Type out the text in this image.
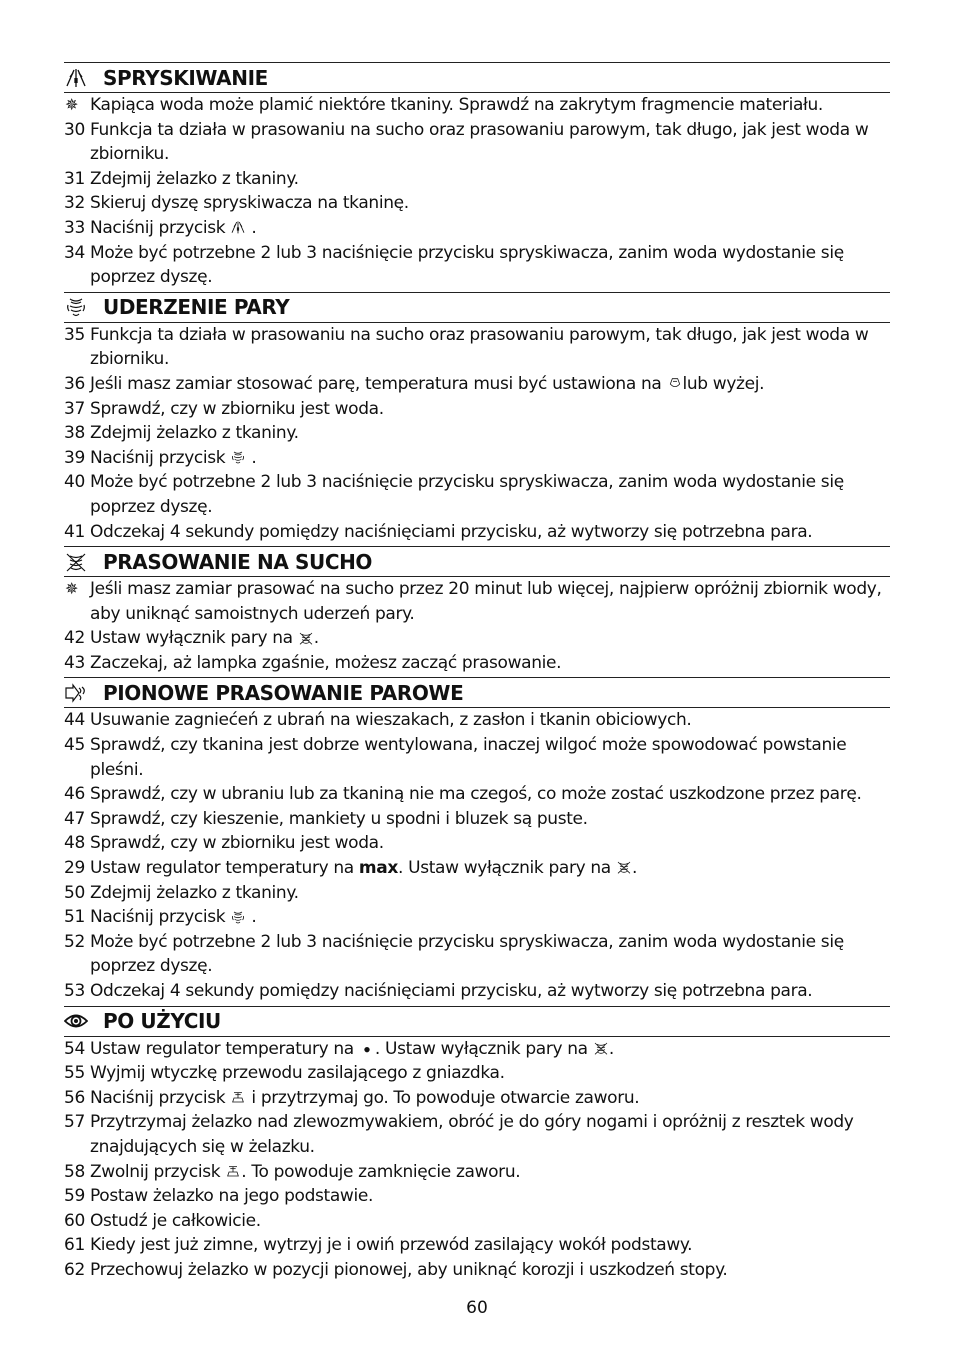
SPRYSKIWANIE
✵ Kapiąca woda może plamić niektóre tkaniny. Sprawdź na zakrytym fragmencie materiału.
30 Funkcja ta działa w prasowaniu na sucho oraz prasowaniu parowym, tak długo, jak jest woda w zbiorniku.
31 Zdejmij żelazko z tkaniny.
32 Skieruj dyszę spryskiwacza na tkaninę.
33 Naciśnij przycisk  .
34 Może być potrzebne 2 lub 3 naciśnięcie przycisku spryskiwacza, zanim woda wydostanie się poprzez dyszę.
UDERZENIE PARY
35 Funkcja ta działa w prasowaniu na sucho oraz prasowaniu parowym, tak długo, jak jest woda w zbiorniku.
36 Jeśli masz zamiar stosować parę, temperatura musi być ustawiona na lub wyżej.
37 Sprawdź, czy w zbiorniku jest woda.
38 Zdejmij żelazko z tkaniny.
39 Naciśnij przycisk  .
40 Może być potrzebne 2 lub 3 naciśnięcie przycisku spryskiwacza, zanim woda wydostanie się poprzez dyszę.
41 Odczekaj 4 sekundy pomiędzy naciśnięciami przycisku, aż wytworzy się potrzebna para.
PRASOWANIE NA SUCHO
✵ Jeśli masz zamiar prasować na sucho przez 20 minut lub więcej, najpierw opróżnij zbiornik wody, aby uniknąć samoistnych uderzeń pary.
42 Ustaw wyłącznik pary na .
43 Zaczekaj, aż lampka zgaśnie, możesz zacząć prasowanie.
PIONOWE PRASOWANIE PAROWE
44 Usuwanie zagniećeń z ubrań na wieszakach, z zasłon i tkanin obiciowych.
45 Sprawdź, czy tkanina jest dobrze wentylowana, inaczej wilgoć może spowodować powstanie pleśni.
46 Sprawdź, czy w ubraniu lub za tkaniną nie ma czegoś, co może zostać uszkodzone przez parę.
47 Sprawdź, czy kieszenie, mankiety u spodni i bluzek są puste.
48 Sprawdź, czy w zbiorniku jest woda.
29 Ustaw regulator temperatury na max. Ustaw wyłącznik pary na .
50 Zdejmij żelazko z tkaniny.
51 Naciśnij przycisk  .
52 Może być potrzebne 2 lub 3 naciśnięcie przycisku spryskiwacza, zanim woda wydostanie się poprzez dyszę.
53 Odczekaj 4 sekundy pomiędzy naciśnięciami przycisku, aż wytworzy się potrzebna para.
PO UŻYCIU
54 Ustaw regulator temperatury na . Ustaw wyłącznik pary na .
55 Wyjmij wtyczkę przewodu zasilającego z gniazdka.
56 Naciśnij przycisk  i przytrzymaj go. To powoduje otwarcie zaworu.
57 Przytrzymaj żelazko nad zlewozmywakiem, obróć je do góry nogami i opróżnij z resztek wody znajdujących się w żelazku.
58 Zwolnij przycisk . To powoduje zamknięcie zaworu.
59 Postaw żelazko na jego podstawie.
60 Ostudź je całkowicie.
61 Kiedy jest już zimne, wytrzyj je i owiń przewód zasilający wokół podstawy.
62 Przechowuj żelazko w pozycji pionowej, aby uniknąć korozji i uszkodzeń stopy.
60
